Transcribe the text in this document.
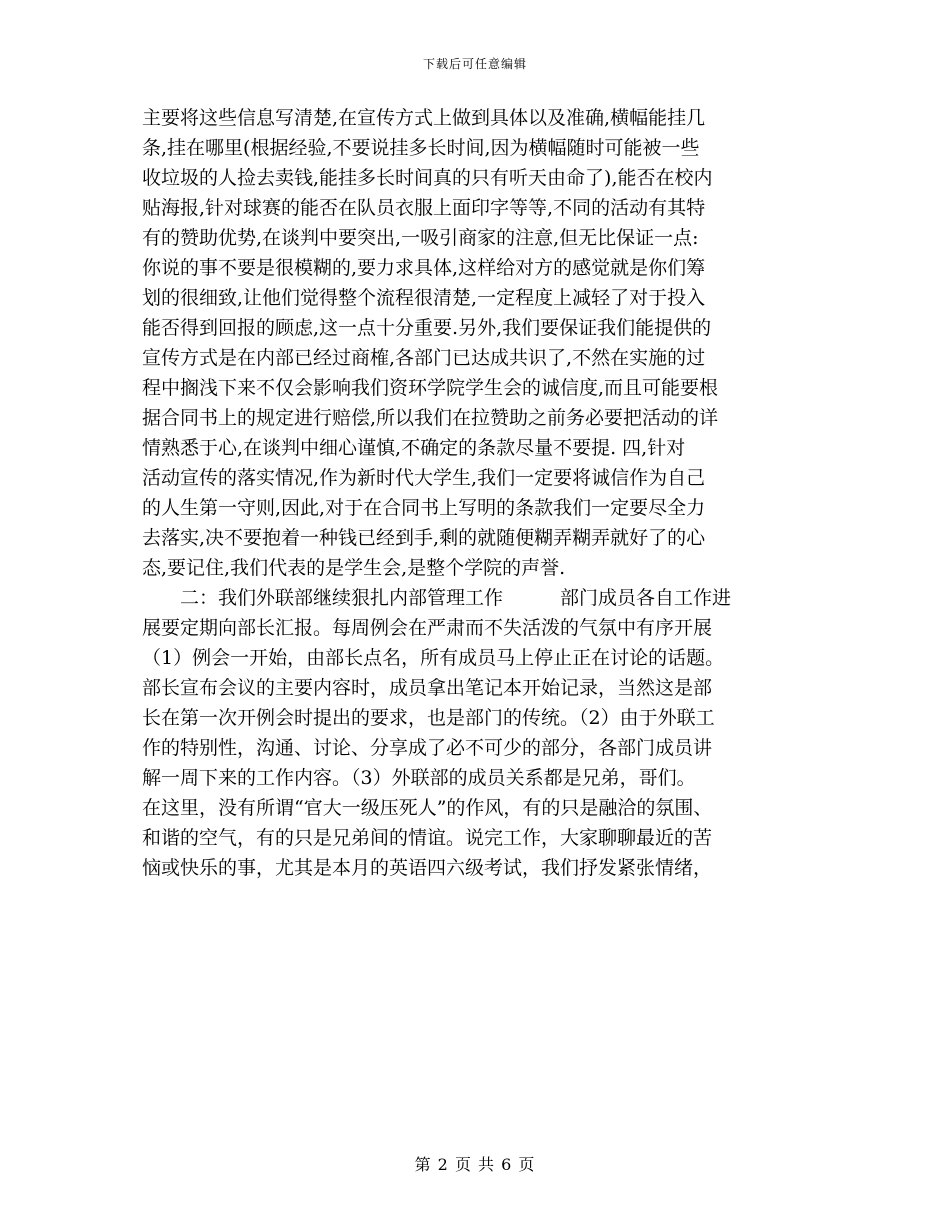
下载后可任意编辑
主要将这些信息写清楚,在宣传方式上做到具体以及准确,横幅能挂几
条,挂在哪里(根据经验,不要说挂多长时间,因为横幅随时可能被一些
收垃圾的人捡去卖钱,能挂多长时间真的只有听天由命了),能否在校内
贴海报,针对球赛的能否在队员衣服上面印字等等,不同的活动有其特
有的赞助优势,在谈判中要突出,一吸引商家的注意,但无比保证一点:
你说的事不要是很模糊的,要力求具体,这样给对方的感觉就是你们筹
划的很细致,让他们觉得整个流程很清楚,一定程度上减轻了对于投入
能否得到回报的顾虑,这一点十分重要.另外,我们要保证我们能提供的
宣传方式是在内部已经过商榷,各部门已达成共识了,不然在实施的过
程中搁浅下来不仅会影响我们资环学院学生会的诚信度,而且可能要根
据合同书上的规定进行赔偿,所以我们在拉赞助之前务必要把活动的详
情熟悉于心,在谈判中细心谨慎,不确定的条款尽量不要提. 四,针对
活动宣传的落实情况,作为新时代大学生,我们一定要将诚信作为自己
的人生第一守则,因此,对于在合同书上写明的条款我们一定要尽全力
去落实,决不要抱着一种钱已经到手,剩的就随便糊弄糊弄就好了的心
态,要记住,我们代表的是学生会,是整个学院的声誉.
　　二：我们外联部继续狠扎内部管理工作　　　部门成员各自工作进
展要定期向部长汇报。每周例会在严肃而不失活泼的气氛中有序开展
（1）例会一开始，由部长点名，所有成员马上停止正在讨论的话题。
部长宣布会议的主要内容时，成员拿出笔记本开始记录，当然这是部
长在第一次开例会时提出的要求，也是部门的传统。（2）由于外联工
作的特别性，沟通、讨论、分享成了必不可少的部分，各部门成员讲
解一周下来的工作内容。（3）外联部的成员关系都是兄弟，哥们。
在这里，没有所谓“官大一级压死人”的作风，有的只是融洽的氛围、
和谐的空气，有的只是兄弟间的情谊。说完工作，大家聊聊最近的苦
恼或快乐的事，尤其是本月的英语四六级考试，我们抒发紧张情绪，
第 2 页 共 6 页
